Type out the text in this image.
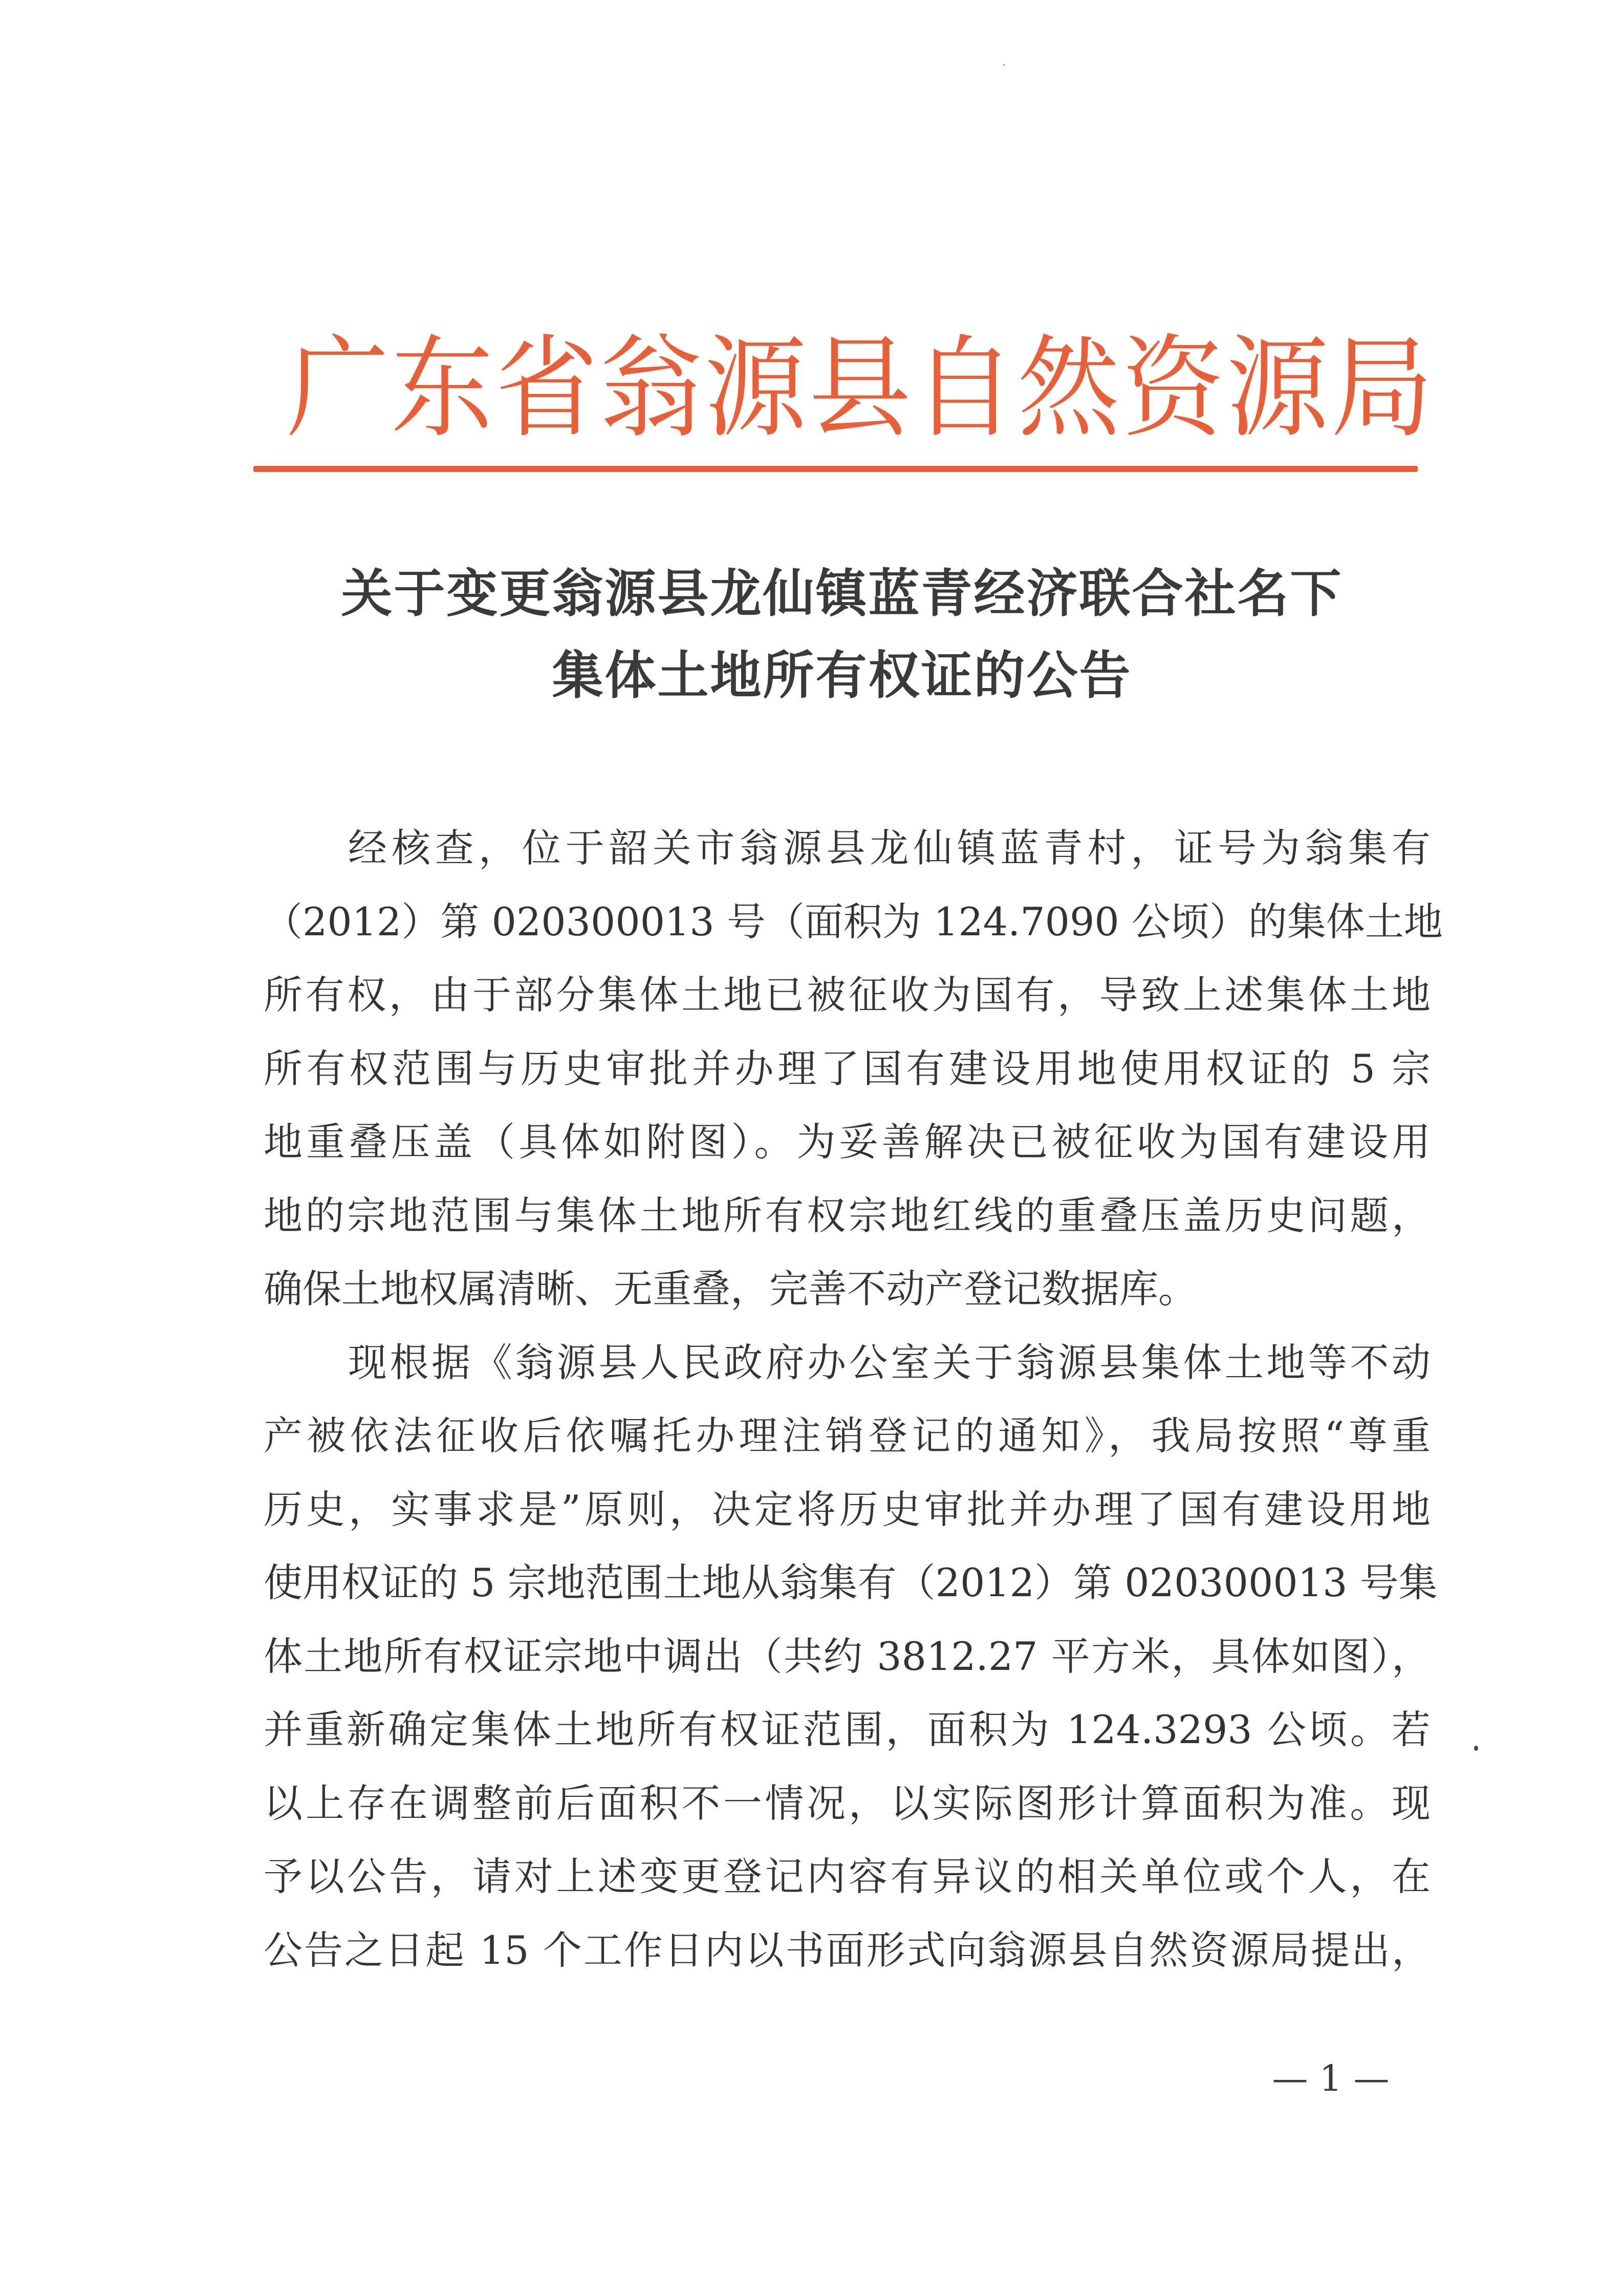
广东省翁源县自然资源局
关于变更翁源县龙仙镇蓝青经济联合社名下
集体土地所有权证的公告
经核查，位于韶关市翁源县龙仙镇蓝青村，证号为翁集有
（2012）第 020300013 号（面积为 124.7090 公顷）的集体土地
所有权，由于部分集体土地已被征收为国有，导致上述集体土地
所有权范围与历史审批并办理了国有建设用地使用权证的 5 宗
地重叠压盖（具体如附图）。为妥善解决已被征收为国有建设用
地的宗地范围与集体土地所有权宗地红线的重叠压盖历史问题，
确保土地权属清晰、无重叠，完善不动产登记数据库。
现根据《翁源县人民政府办公室关于翁源县集体土地等不动
产被依法征收后依嘱托办理注销登记的通知》，我局按照“尊重
历史，实事求是”原则，决定将历史审批并办理了国有建设用地
使用权证的 5 宗地范围土地从翁集有（2012）第 020300013 号集
体土地所有权证宗地中调出（共约 3812.27 平方米，具体如图），
并重新确定集体土地所有权证范围，面积为 124.3293 公顷。若
以上存在调整前后面积不一情况，以实际图形计算面积为准。现
予以公告，请对上述变更登记内容有异议的相关单位或个人，在
公告之日起 15 个工作日内以书面形式向翁源县自然资源局提出，
— 1 —
